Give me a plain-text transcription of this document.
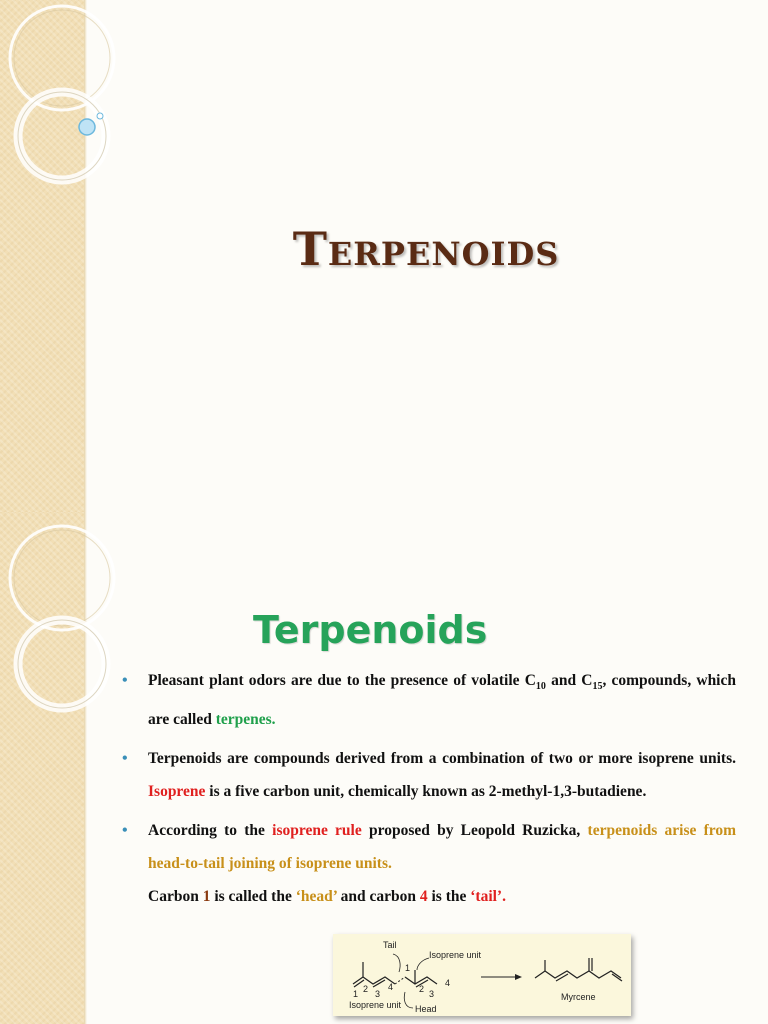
Terpenoids
Terpenoids
• Pleasant plant odors are due to the presence of volatile $C_{10}$ and $C_{15}$, compounds, which are called terpenes.
• Terpenoids are compounds derived from a combination of two or more isoprene units. Isoprene is a five carbon unit, chemically known as 2-methyl-1,3-butadiene.
• According to the isoprene rule proposed by Leopold Ruzicka, terpenoids arise from head-to-tail joining of isoprene units.
Carbon 1 is called the ‘head’ and carbon 4 is the ‘tail’.
Tail
Isoprene unit
Isoprene unit Head
1 2 3
4
1
2 3
4
Myrcene
